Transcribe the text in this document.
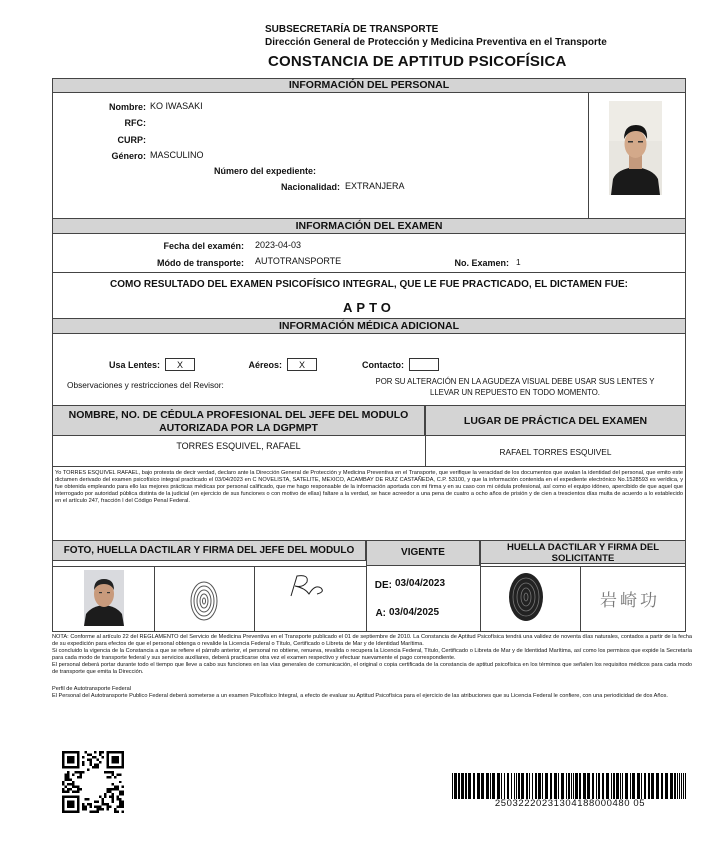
SUBSECRETARÍA DE TRANSPORTE
Dirección General de Protección y Medicina Preventiva en el Transporte
CONSTANCIA DE APTITUD PSICOFÍSICA
INFORMACIÓN DEL PERSONAL
Nombre: KO IWASAKI
RFC:
CURP:
Género: MASCULINO
Número del expediente:
Nacionalidad: EXTRANJERA
INFORMACIÓN DEL EXAMEN
Fecha del examén: 2023-04-03
Módo de transporte: AUTOTRANSPORTE	No. Examen: 1
COMO RESULTADO DEL EXAMEN PSICOFÍSICO INTEGRAL, QUE LE FUE PRACTICADO, EL DICTAMEN FUE:
APTO
INFORMACIÓN MÉDICA ADICIONAL
Usa Lentes:	X	Aéreos:	X	Contacto:
Observaciones y restricciones del Revisor:	POR SU ALTERACIÓN EN LA AGUDEZA VISUAL DEBE USAR SUS LENTES Y
LLEVAR UN REPUESTO EN TODO MOMENTO.
NOMBRE, NO. DE CÉDULA PROFESIONAL DEL JEFE DEL MODULO AUTORIZADA POR LA DGPMPT
LUGAR DE PRÁCTICA DEL EXAMEN
TORRES ESQUIVEL, RAFAEL
RAFAEL TORRES ESQUIVEL
Yo TORRES ESQUIVEL RAFAEL, bajo protesta de decir verdad, declaro ante la Dirección General de Protección y Medicina Preventiva en el Transporte, que verifique la veracidad de los documentos que avalan la identidad del personal, que emito este dictamen derivado del examen psicofísico integral practicado el 03/04/2023 en C NOVELISTA, SATELITE, MEXICO, ACAMBAY DE RUIZ CASTAÑEDA, C.P. 53100, y que la información contenida en el expediente electrónico No.1528593 es verídica, y fue obtenida empleando para ello las mejores prácticas médicas por personal calificado, que me hago responsable de la información aportada con mi firma y en su caso con mi cédula profesional, así como el equipo idóneo, apercibido de que aquel que interrogado por autoridad pública distinta de la judicial (en ejercicio de sus funciones o con motivo de ellas) faltare a la verdad, se hace acreedor a una pena de cuatro a ocho años de prisión y de cien a trescientos días multa de acuerdo a lo establecido en el artículo 247, fracción I del Código Penal Federal.
FOTO, HUELLA DACTILAR Y FIRMA DEL JEFE DEL MODULO	VIGENTE	HUELLA DACTILAR Y FIRMA DEL SOLICITANTE
DE: 03/04/2023
A: 03/04/2025
岩崎功
NOTA: Conforme al artículo 22 del REGLAMENTO del Servicio de Medicina Preventiva en el Transporte publicado el 01 de septiembre de 2010. La Constancia de Aptitud Psicofísica tendrá una validez de noventa días naturales, contados a partir de la fecha de su expedición para efectos de que el personal obtenga o revalide la Licencia Federal o Título, Certificado o Libreta de Mar y de Identidad Marítima.
Si concluido la vigencia de la Constancia a que se refiere el párrafo anterior, el personal no obtiene, renueva, revalida o recupera la Licencia Federal, Título, Certificado o Libreta de Mar y de Identidad Marítima, así como los permisos que expide la Secretaría para cada modo de transporte federal y sus servicios auxiliares, deberá practicarse otra vez el examen respectivo y efectuar nuevamente el pago correspondiente.
El personal deberá portar durante todo el tiempo que lleve a cabo sus funciones en las vías generales de comunicación, el original o copia certificada de la constancia de aptitud psicofísica en los términos que señalen los requisitos médicos para cada modo de transporte que emita la Dirección.
Perfil de Autotransporte Federal
El Personal del Autotransporte Publico Federal deberá someterse a un examen Psicofísico Integral, a efecto de evaluar su Aptitud Psicofísica para el ejercicio de las atribuciones que su Licencia Federal le confiere, con una periodicidad de dos Años.
25032220231304188000480 05
